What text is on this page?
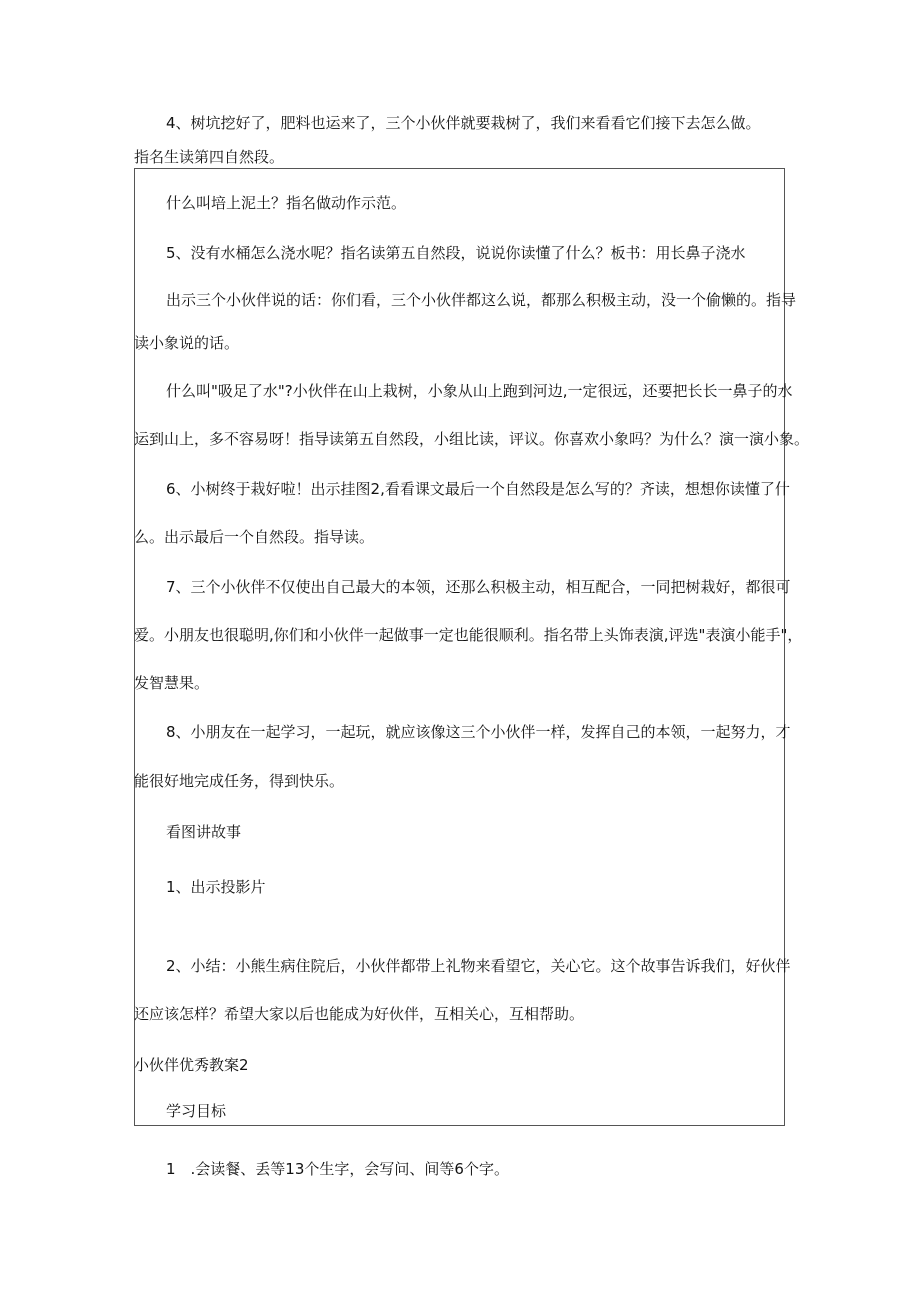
4、树坑挖好了，肥料也运来了，三个小伙伴就要栽树了，我们来看看它们接下去怎么做。

指名生读第四自然段。

什么叫培上泥土？指名做动作示范。

5、没有水桶怎么浇水呢？指名读第五自然段，说说你读懂了什么？板书：用长鼻子浇水

出示三个小伙伴说的话：你们看，三个小伙伴都这么说，都那么积极主动，没一个偷懒的。指导

读小象说的话。

什么叫"吸足了水"?小伙伴在山上栽树，小象从山上跑到河边,一定很远，还要把长长一鼻子的水

运到山上，多不容易呀！指导读第五自然段，小组比读，评议。你喜欢小象吗？为什么？演一演小象。

6、小树终于栽好啦！出示挂图2,看看课文最后一个自然段是怎么写的？齐读，想想你读懂了什

么。出示最后一个自然段。指导读。

7、三个小伙伴不仅使出自己最大的本领，还那么积极主动，相互配合，一同把树栽好，都很可

爱。小朋友也很聪明,你们和小伙伴一起做事一定也能很顺利。指名带上头饰表演,评选"表演小能手"，

发智慧果。

8、小朋友在一起学习，一起玩，就应该像这三个小伙伴一样，发挥自己的本领，一起努力，才

能很好地完成任务，得到快乐。

看图讲故事

1、出示投影片

2、小结：小熊生病住院后，小伙伴都带上礼物来看望它，关心它。这个故事告诉我们，好伙伴

还应该怎样？希望大家以后也能成为好伙伴，互相关心，互相帮助。

小伙伴优秀教案2

学习目标

1　.会读餐、丢等13个生字，会写问、间等6个字。
